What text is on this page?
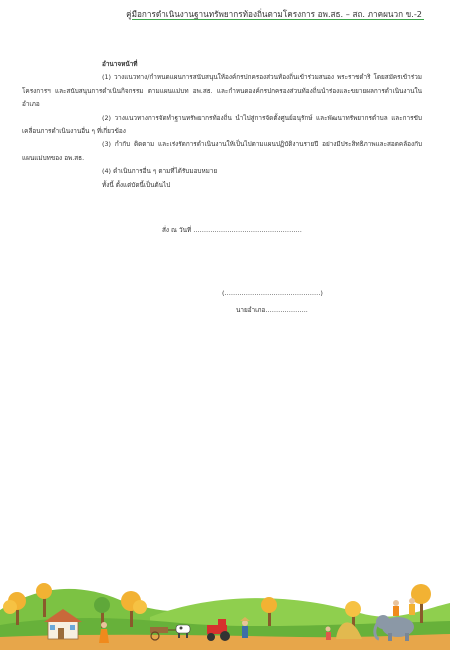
คู่มือการดำเนินงานฐานทรัพยากรท้องถิ่นตามโครงการ อพ.สธ. – สถ. ภาคผนวก ข.-2
อำนาจหน้าที่

(1) วางแนวทาง/กำหนดแผนการสนับสนุนให้องค์กรปกครองส่วนท้องถิ่นเข้าร่วมสนอง พระราชดำริ โดยสมัครเข้าร่วมโครงการฯ และสนับสนุนการดำเนินกิจกรรม ตามแผนแม่บท อพ.สธ. และกำหนดองค์กรปกครองส่วนท้องถิ่นนำร่องและขยายผลการดำเนินงานในอำเภอ

(2) วางแนวทางการจัดทำฐานทรัพยากรท้องถิ่น นำไปสู่การจัดตั้งศูนย์อนุรักษ์ และพัฒนาทรัพยากรตำบล และการขับเคลื่อนการดำเนินงานอื่น ๆ ที่เกี่ยวข้อง

(3) กำกับ ติดตาม และเร่งรัดการดำเนินงานให้เป็นไปตามแผนปฏิบัติงานรายปี อย่างมีประสิทธิภาพและสอดคล้องกับแผนแม่บทของ อพ.สธ.

(4) ดำเนินการอื่น ๆ ตามที่ได้รับมอบหมาย

ทั้งนี้ ตั้งแต่บัดนี้เป็นต้นไป

สั่ง ณ วันที่ ……………………………………………
(………………………………………)
นายอำเภอ………………..
